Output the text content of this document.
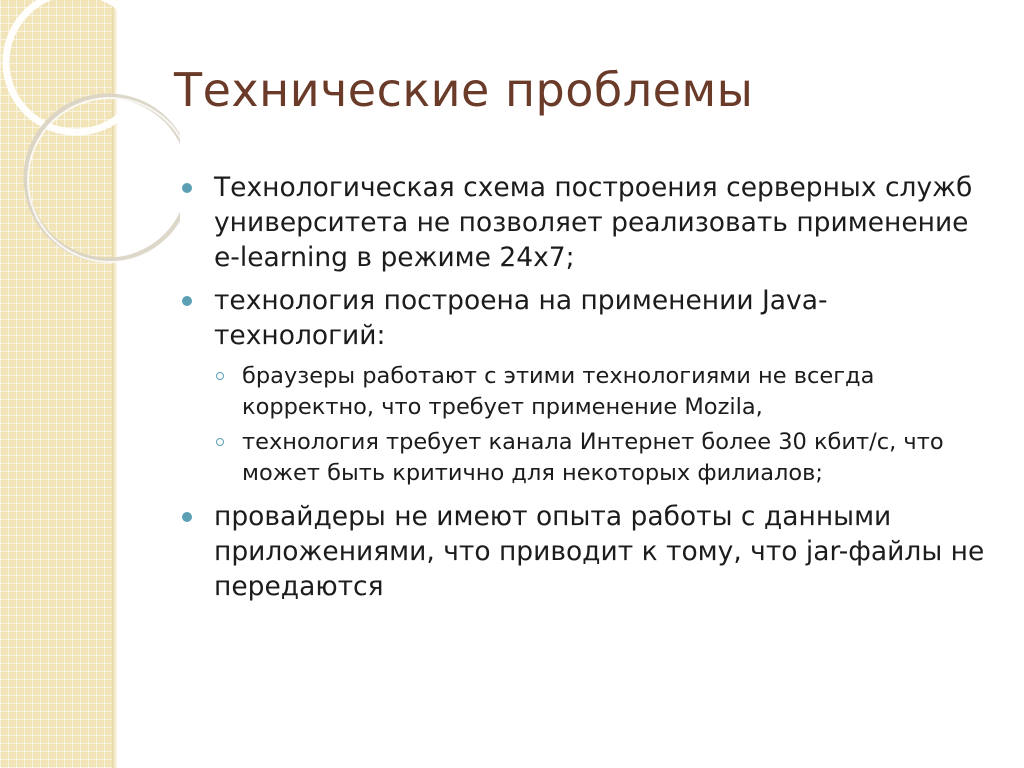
Технические проблемы
Технологическая схема построения серверных служб университета не позволяет реализовать применение e-learning в режиме 24x7;
технология построена на применении Java-технологий:
браузеры работают с этими технологиями не всегда корректно, что требует применение Mozila,
технология требует канала Интернет более 30 кбит/с, что может быть критично для некоторых филиалов;
провайдеры не имеют опыта работы с данными приложениями, что приводит к тому, что jar-файлы не передаются
